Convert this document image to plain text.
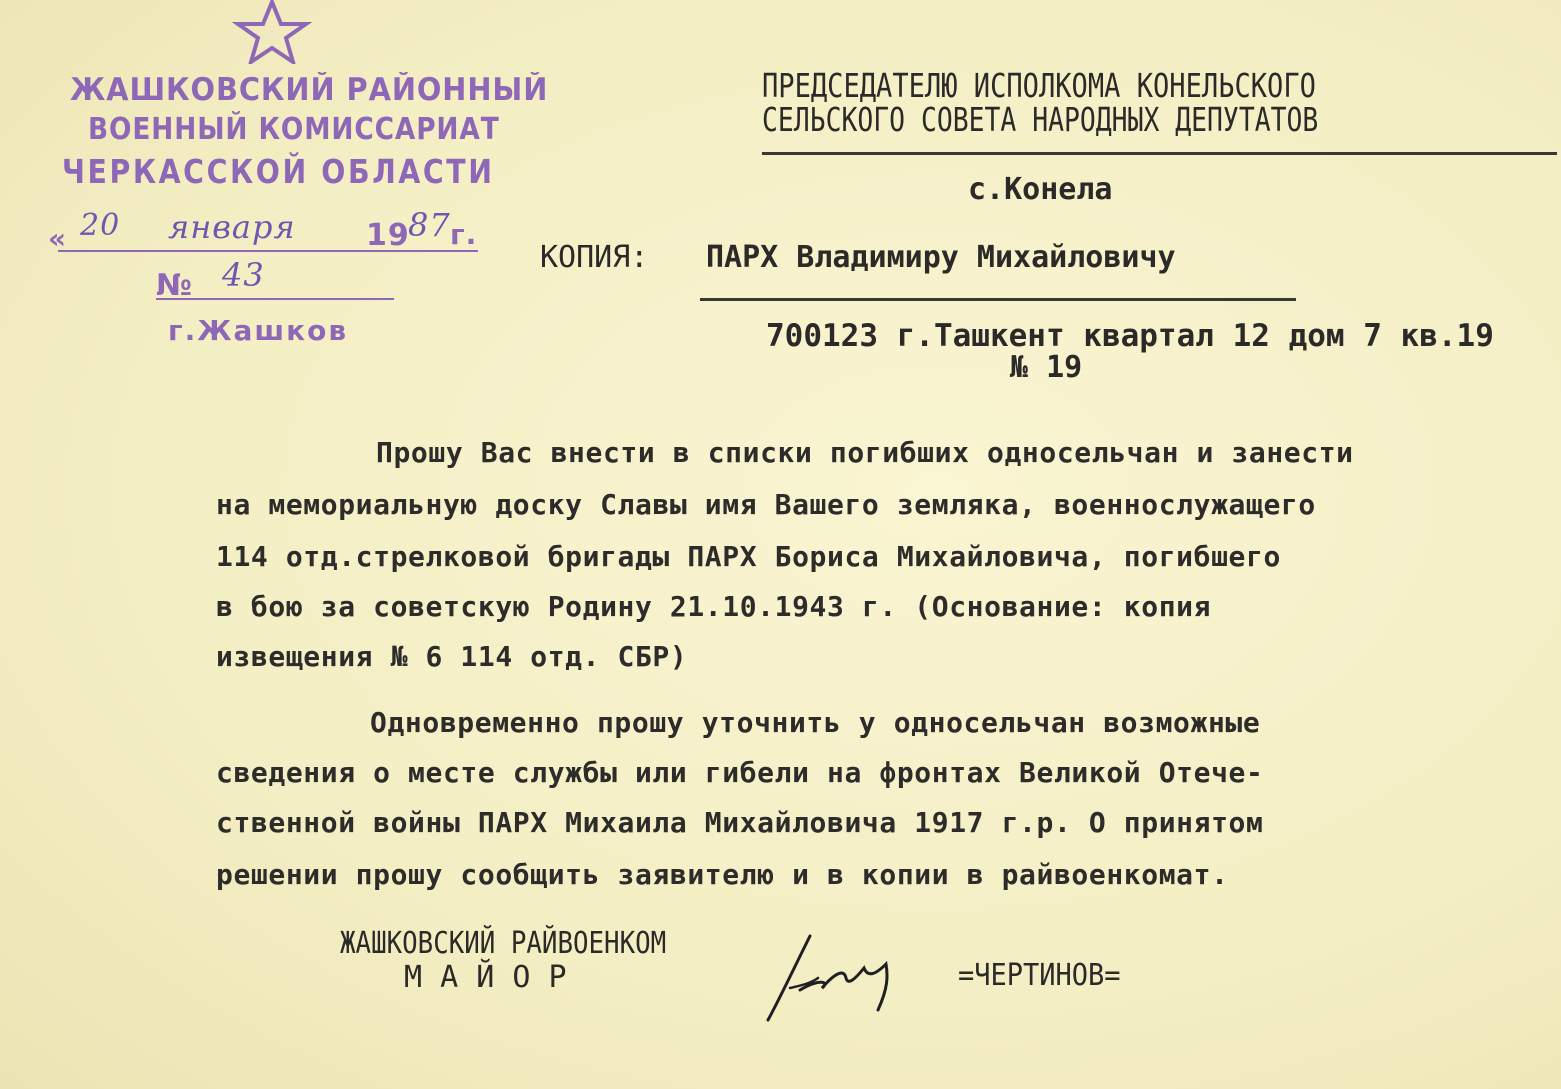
ЖАШКОВСКИЙ РАЙОННЫЙ
ВОЕННЫЙ КОМИССАРИАТ
ЧЕРКАССКОЙ ОБЛАСТИ
« 20 января 19
87 г.
№ 43
г.Жашков
ПРЕДСЕДАТЕЛЮ ИСПОЛКОМА КОНЕЛЬСКОГО
СЕЛЬСКОГО СОВЕТА НАРОДНЫХ ДЕПУТАТОВ
с.Конела
КОПИЯ: ПАРХ Владимиру Михайловичу
700123 г.Ташкент квартал 12 дом 7 кв.19
№ 19
Прошу Вас внести в списки погибших односельчан и занести
на мемориальную доску Славы имя Вашего земляка, военнослужащего
114 отд.стрелковой бригады ПАРХ Бориса Михайловича, погибшего
в бою за советскую Родину 21.10.1943 г. (Основание: копия
извещения № 6 114 отд. СБР)
Одновременно прошу уточнить у односельчан возможные
сведения о месте службы или гибели на фронтах Великой Отече-
ственной войны ПАРХ Михаила Михайловича 1917 г.р. О принятом
решении прошу сообщить заявителю и в копии в райвоенкомат.
ЖАШКОВСКИЙ РАЙВОЕНКОМ
М А Й О Р	=ЧЕРТИНОВ=
